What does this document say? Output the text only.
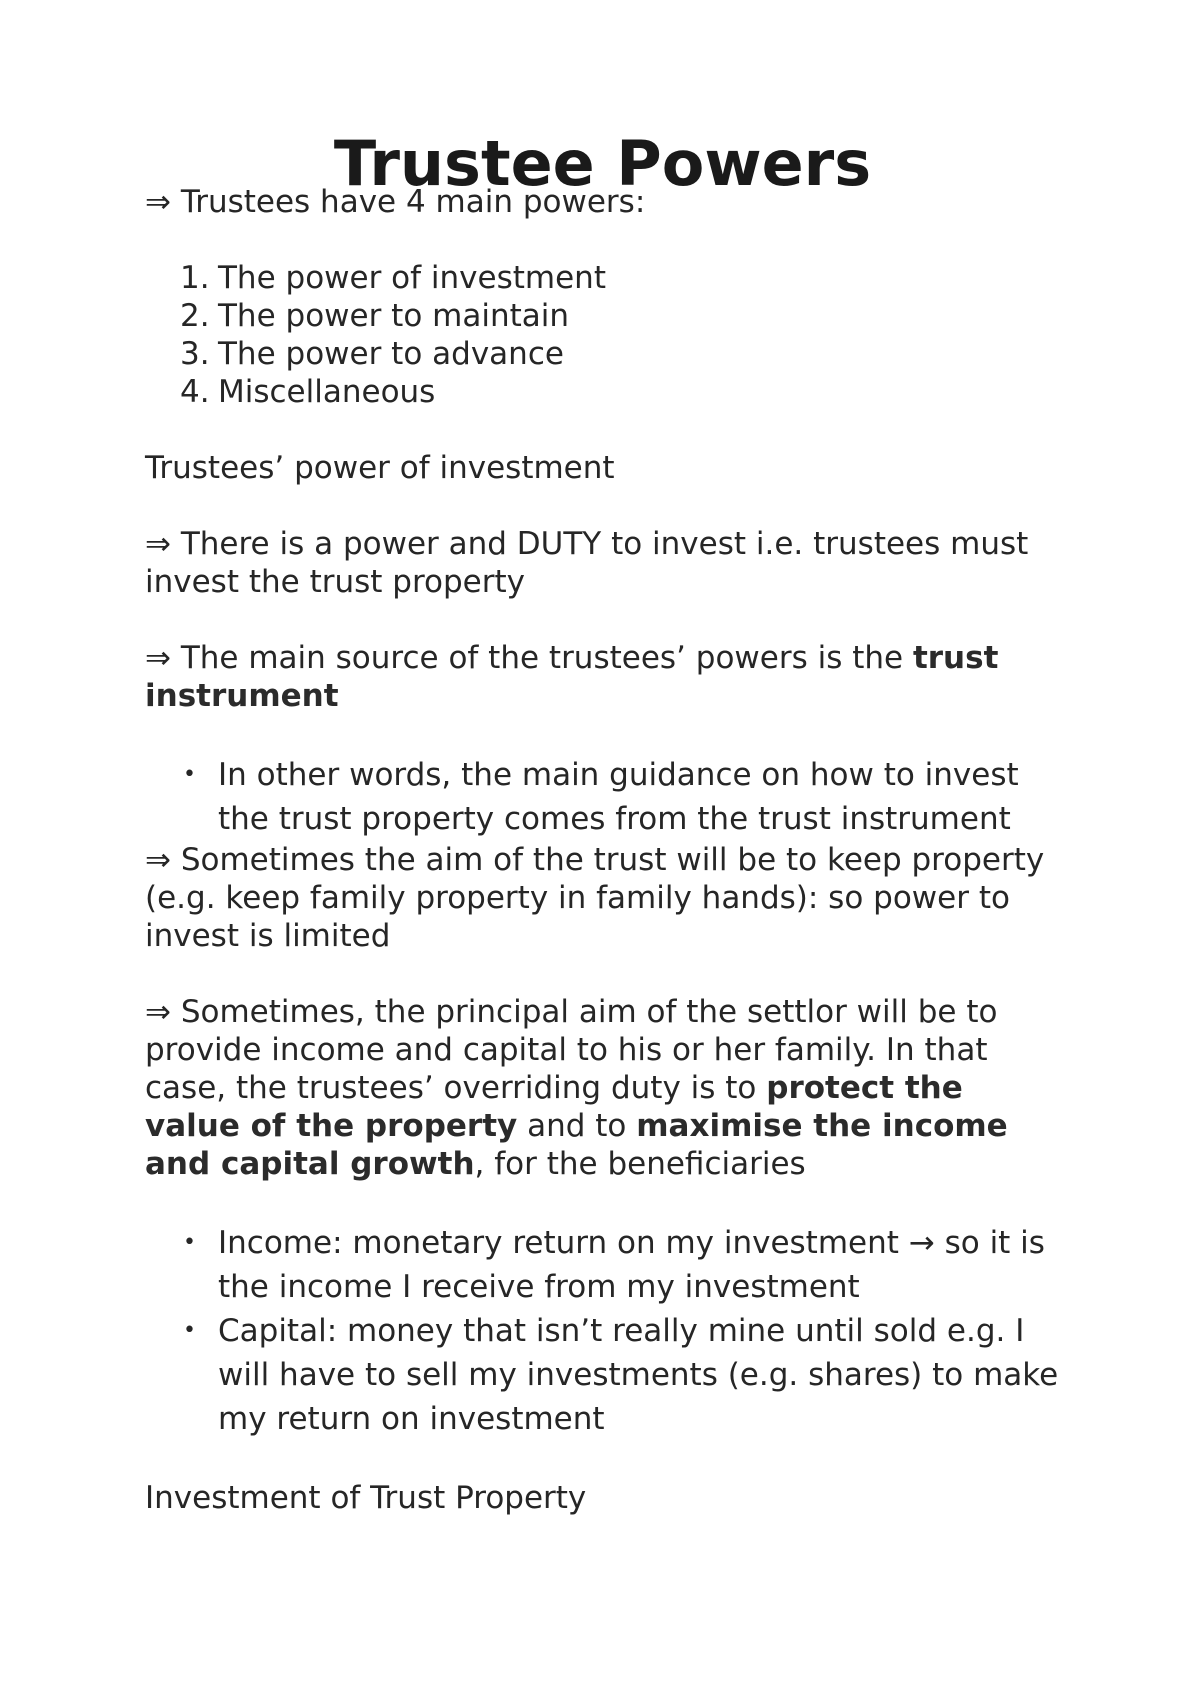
Trustee Powers

⇒ Trustees have 4 main powers:

1. The power of investment
2. The power to maintain
3. The power to advance
4. Miscellaneous

Trustees’ power of investment

⇒ There is a power and DUTY to invest i.e. trustees must invest the trust property

⇒ The main source of the trustees’ powers is the trust instrument

• In other words, the main guidance on how to invest the trust property comes from the trust instrument

⇒ Sometimes the aim of the trust will be to keep property (e.g. keep family property in family hands): so power to invest is limited

⇒ Sometimes, the principal aim of the settlor will be to provide income and capital to his or her family. In that case, the trustees’ overriding duty is to protect the value of the property and to maximise the income and capital growth, for the beneficiaries

• Income: monetary return on my investment → so it is the income I receive from my investment
• Capital: money that isn’t really mine until sold e.g. I will have to sell my investments (e.g. shares) to make my return on investment

Investment of Trust Property
